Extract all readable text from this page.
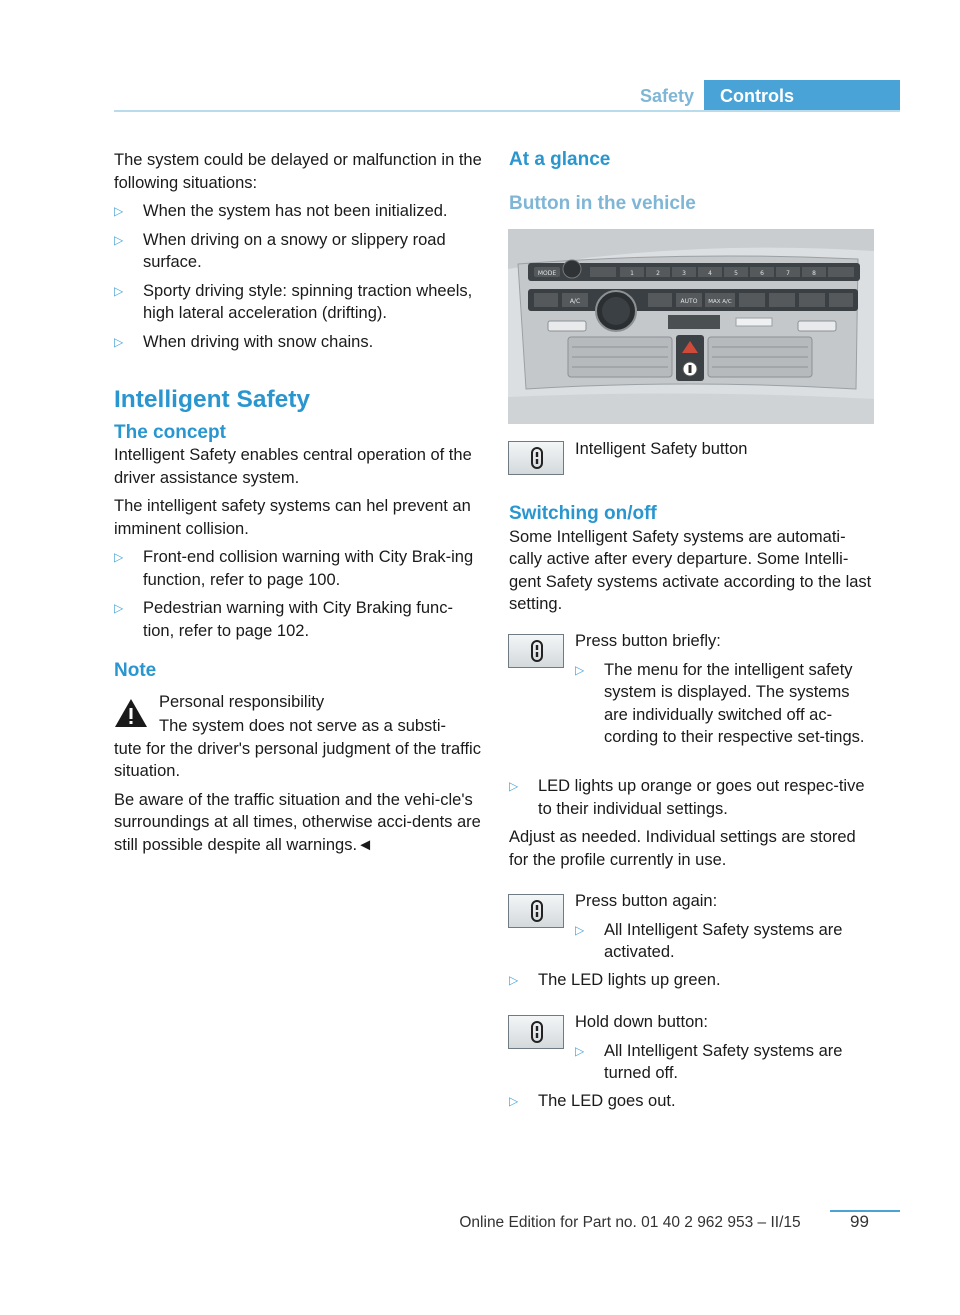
Safety	Controls

The system could be delayed or malfunction in the following situations:

▷ When the system has not been initialized.
▷ When driving on a snowy or slippery road surface.
▷ Sporty driving style: spinning traction wheels, high lateral acceleration (drifting).
▷ When driving with snow chains.
Intelligent Safety
The concept

Intelligent Safety enables central operation of the driver assistance system.

The intelligent safety systems can hel prevent an imminent collision.

▷ Front-end collision warning with City Brak‐ing function, refer to page 100.
▷ Pedestrian warning with City Braking func‐tion, refer to page 102.
Note

Personal responsibility

The system does not serve as a substi‐

tute for the driver's personal judgment of the traffic situation.

Be aware of the traffic situation and the vehi‐cle's surroundings at all times, otherwise acci‐dents are still possible despite all warnings.◄

At a glance
Button in the vehicle
MODE	1	2	3	4	5	6	7	8
A/C	AUTO MAX A/C
Intelligent Safety button
Switching on/off

Some Intelligent Safety systems are automati‐cally active after every departure. Some Intelli‐gent Safety systems activate according to the last setting.

Press button briefly:

▷ The menu for the intelligent safety system is displayed. The systems are individually switched off ac‐cording to their respective set‐tings.
▷ LED lights up orange or goes out respec‐tive to their individual settings.

Adjust as needed. Individual settings are stored for the profile currently in use.

Press button again:

▷ All Intelligent Safety systems are activated.
▷ The LED lights up green.

Hold down button:

▷ All Intelligent Safety systems are turned off.
▷ The LED goes out.
Online Edition for Part no. 01 40 2 962 953 – II/15	99
